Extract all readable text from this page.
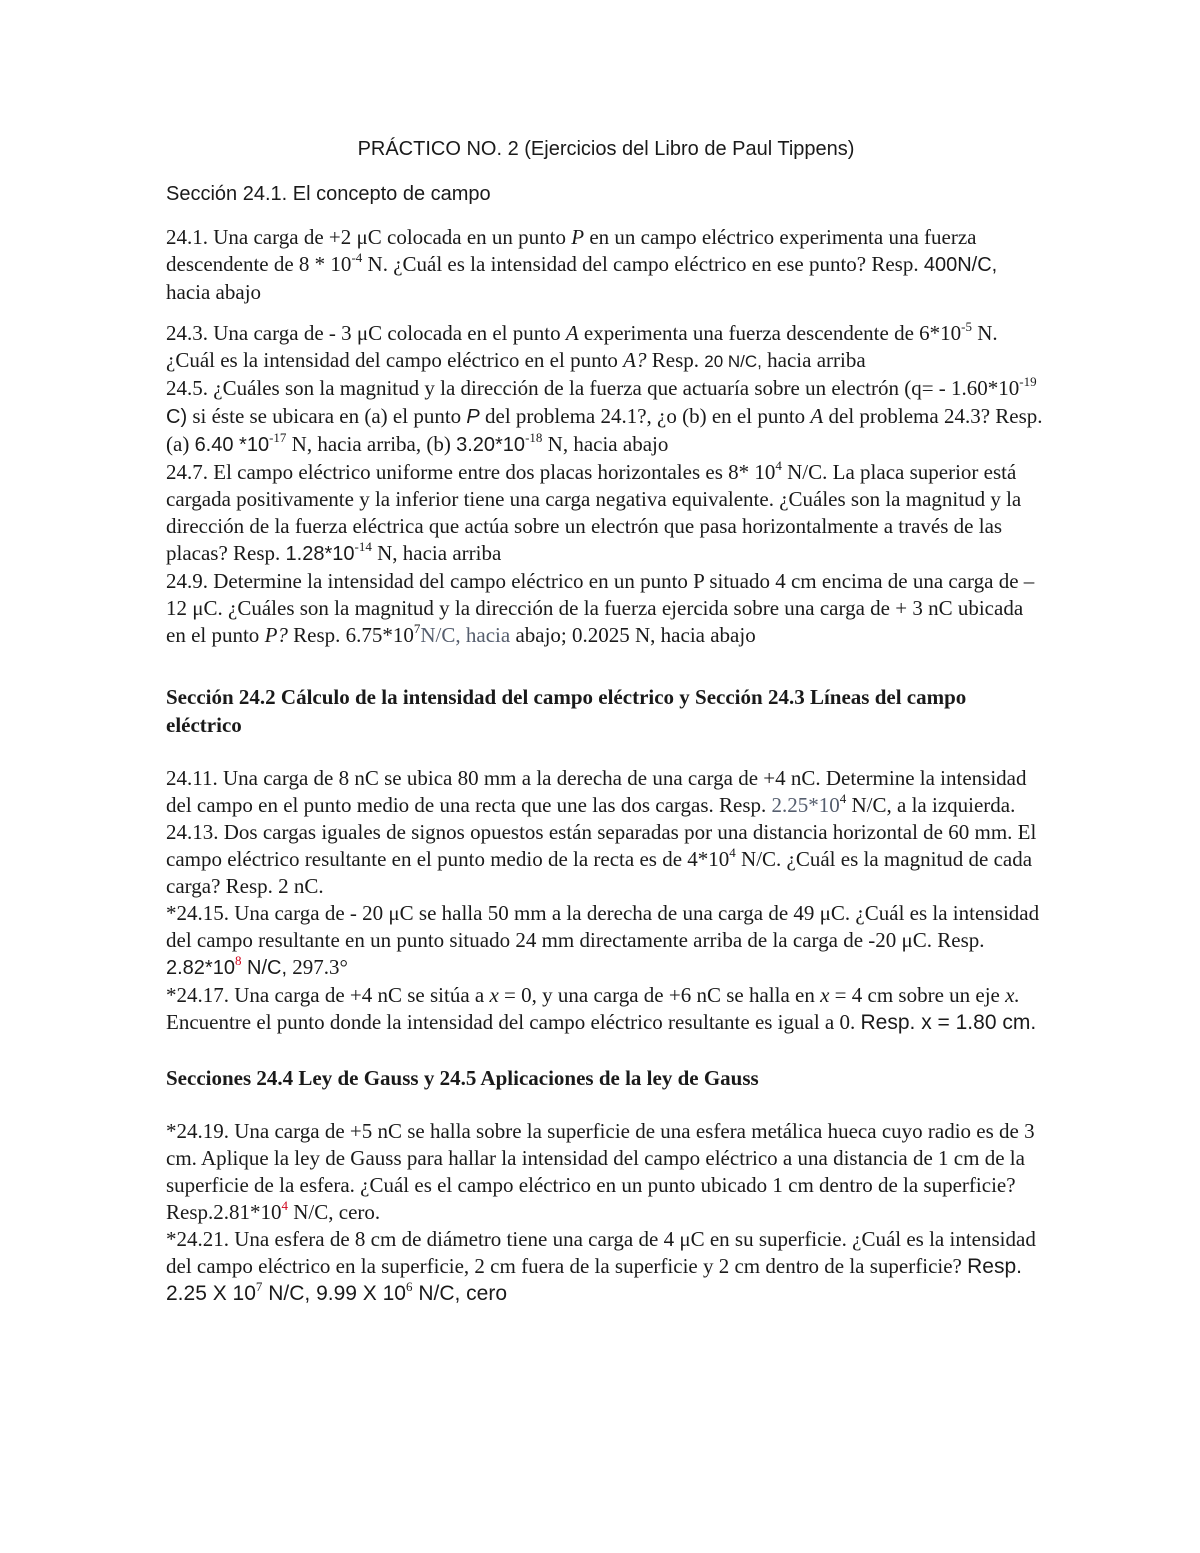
PRÁCTICO NO. 2 (Ejercicios del Libro de Paul Tippens)
Sección 24.1. El concepto de campo

24.1. Una carga de +2 μC colocada en un punto P en un campo eléctrico experimenta una fuerza descendente de $8 * 10^{-4}$ N. ¿Cuál es la intensidad del campo eléctrico en ese punto? Resp. 400N/C, hacia abajo

24.3. Una carga de - 3 μC colocada en el punto A experimenta una fuerza descendente de $6*10^{-5}$ N. ¿Cuál es la intensidad del campo eléctrico en el punto A? Resp. 20 N/C, hacia arriba

24.5. ¿Cuáles son la magnitud y la dirección de la fuerza que actuaría sobre un electrón ($q= - 1.60*10^{-19}$ C) si éste se ubicara en (a) el punto P del problema 24.1?, ¿o (b) en el punto A del problema 24.3? Resp. (a) 6.40 $*10^{-17}$ N, hacia arriba, (b) $3.20*10^{-18}$ N, hacia abajo

24.7. El campo eléctrico uniforme entre dos placas horizontales es 8* $10^4$ N/C. La placa superior está cargada positivamente y la inferior tiene una carga negativa equivalente. ¿Cuáles son la magnitud y la dirección de la fuerza eléctrica que actúa sobre un electrón que pasa horizontalmente a través de las placas? Resp. $1.28*10^{-14}$ N, hacia arriba

24.9. Determine la intensidad del campo eléctrico en un punto P situado 4 cm encima de una carga de – 12 μC. ¿Cuáles son la magnitud y la dirección de la fuerza ejercida sobre una carga de + 3 nC ubicada en el punto P? Resp. $6.75*10^7N/C$, hacia abajo; 0.2025 N, hacia abajo

Sección 24.2 Cálculo de la intensidad del campo eléctrico y Sección 24.3 Líneas del campo eléctrico

24.11. Una carga de 8 nC se ubica 80 mm a la derecha de una carga de +4 nC. Determine la intensidad del campo en el punto medio de una recta que une las dos cargas. Resp. $2.25*10^4$ N/C, a la izquierda.

24.13. Dos cargas iguales de signos opuestos están separadas por una distancia horizontal de 60 mm. El campo eléctrico resultante en el punto medio de la recta es de $4*10^4$ N/C. ¿Cuál es la magnitud de cada carga? Resp. 2 nC.

*24.15. Una carga de - 20 μC se halla 50 mm a la derecha de una carga de 49 μC. ¿Cuál es la intensidad del campo resultante en un punto situado 24 mm directamente arriba de la carga de -20 μC. Resp. $2.82*10^8$ N/C, 297.3°

*24.17. Una carga de +4 nC se sitúa a x = 0, y una carga de +6 nC se halla en x = 4 cm sobre un eje x. Encuentre el punto donde la intensidad del campo eléctrico resultante es igual a 0. Resp. x = 1.80 cm.

Secciones 24.4 Ley de Gauss y 24.5 Aplicaciones de la ley de Gauss

*24.19. Una carga de +5 nC se halla sobre la superficie de una esfera metálica hueca cuyo radio es de 3 cm. Aplique la ley de Gauss para hallar la intensidad del campo eléctrico a una distancia de 1 cm de la superficie de la esfera. ¿Cuál es el campo eléctrico en un punto ubicado 1 cm dentro de la superficie? $Resp.2.81*10^4$ N/C, cero.

*24.21. Una esfera de 8 cm de diámetro tiene una carga de 4 μC en su superficie. ¿Cuál es la intensidad del campo eléctrico en la superficie, 2 cm fuera de la superficie y 2 cm dentro de la superficie? Resp. 2.25 X $10^7$ N/C, 9.99 X $10^6$ N/C, cero
